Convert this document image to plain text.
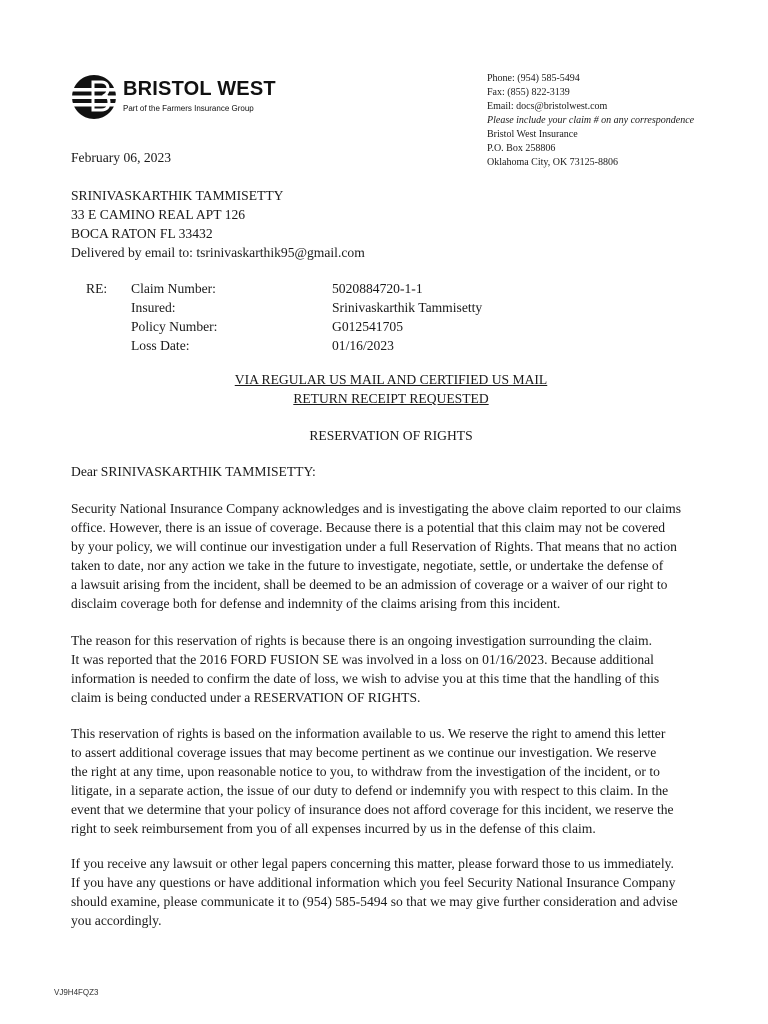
BRISTOL WEST
Part of the Farmers Insurance Group
Phone: (954) 585-5494
Fax: (855) 822-3139
Email: docs@bristolwest.com
Please include your claim # on any correspondence
Bristol West Insurance
P.O. Box 258806
Oklahoma City, OK 73125-8806
February 06, 2023
SRINIVASKARTHIK TAMMISETTY
33 E CAMINO REAL APT 126
BOCA RATON FL 33432
Delivered by email to: tsrinivaskarthik95@gmail.com
RE: Claim Number:	5020884720-1-1
Insured:	Srinivaskarthik Tammisetty
Policy Number:	G012541705
Loss Date:	01/16/2023
VIA REGULAR US MAIL AND CERTIFIED US MAIL
RETURN RECEIPT REQUESTED
RESERVATION OF RIGHTS
Dear SRINIVASKARTHIK TAMMISETTY:
Security National Insurance Company acknowledges and is investigating the above claim reported to our claims
office. However, there is an issue of coverage. Because there is a potential that this claim may not be covered
by your policy, we will continue our investigation under a full Reservation of Rights. That means that no action
taken to date, nor any action we take in the future to investigate, negotiate, settle, or undertake the defense of
a lawsuit arising from the incident, shall be deemed to be an admission of coverage or a waiver of our right to
disclaim coverage both for defense and indemnity of the claims arising from this incident.
The reason for this reservation of rights is because there is an ongoing investigation surrounding the claim.
It was reported that the 2016 FORD FUSION SE was involved in a loss on 01/16/2023. Because additional
information is needed to confirm the date of loss, we wish to advise you at this time that the handling of this
claim is being conducted under a RESERVATION OF RIGHTS.
This reservation of rights is based on the information available to us. We reserve the right to amend this letter
to assert additional coverage issues that may become pertinent as we continue our investigation. We reserve
the right at any time, upon reasonable notice to you, to withdraw from the investigation of the incident, or to
litigate, in a separate action, the issue of our duty to defend or indemnify you with respect to this claim. In the
event that we determine that your policy of insurance does not afford coverage for this incident, we reserve the
right to seek reimbursement from you of all expenses incurred by us in the defense of this claim.
If you receive any lawsuit or other legal papers concerning this matter, please forward those to us immediately.
If you have any questions or have additional information which you feel Security National Insurance Company
should examine, please communicate it to (954) 585-5494 so that we may give further consideration and advise
you accordingly.
VJ9H4FQZ3
